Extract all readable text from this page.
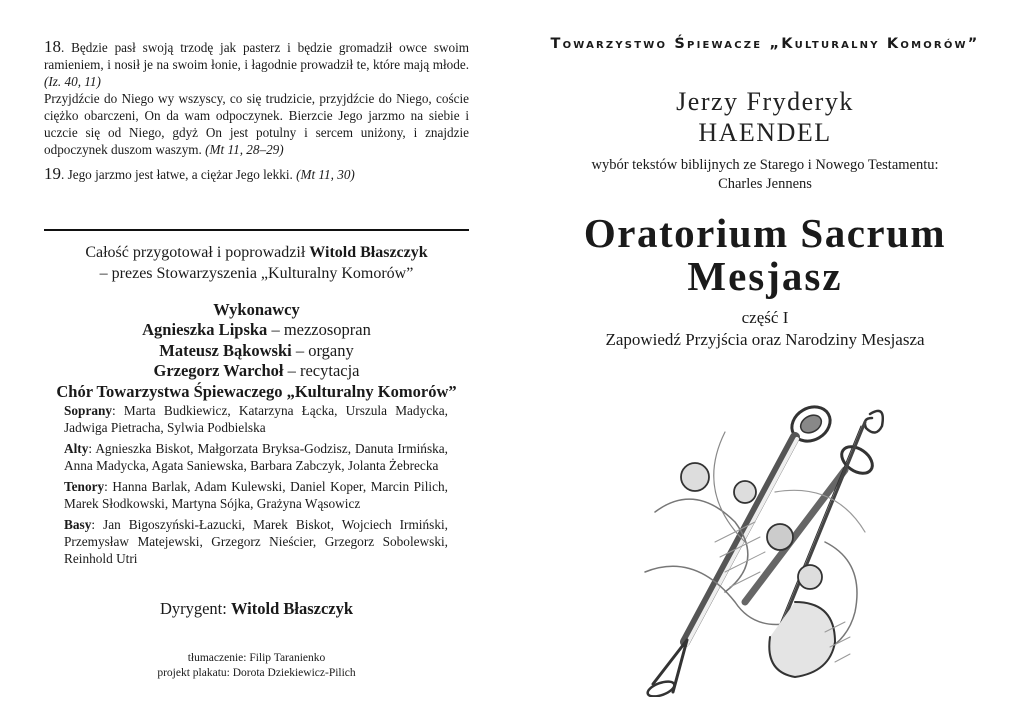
18. Będzie pasł swoją trzodę jak pasterz i będzie gromadził owce swoim ramieniem, i nosił je na swoim łonie, i łagodnie prowadził te, które mają młode. (Iz. 40, 11)
Przyjdźcie do Niego wy wszyscy, co się trudzicie, przyjdźcie do Niego, coście ciężko obarczeni, On da wam odpoczynek. Bierzcie Jego jarzmo na siebie i uczcie się od Niego, gdyż On jest potulny i sercem uniżony, i znajdzie odpoczynek duszom waszym. (Mt 11, 28–29)
19. Jego jarzmo jest łatwe, a ciężar Jego lekki. (Mt 11, 30)
Całość przygotował i poprowadził Witold Błaszczyk
– prezes Stowarzyszenia „Kulturalny Komorów”
Wykonawcy
Agnieszka Lipska – mezzosopran
Mateusz Bąkowski – organy
Grzegorz Warchoł – recytacja
Chór Towarzystwa Śpiewaczego „Kulturalny Komorów”

Soprany: Marta Budkiewicz, Katarzyna Łącka, Urszula Madycka, Jadwiga Pietracha, Sylwia Podbielska

Alty: Agnieszka Biskot, Małgorzata Bryksa-Godzisz, Danuta Irmińska, Anna Madycka, Agata Saniewska, Barbara Zabczyk, Jolanta Żebrecka

Tenory: Hanna Barlak, Adam Kulewski, Daniel Koper, Marcin Pilich, Marek Słodkowski, Martyna Sójka, Grażyna Wąsowicz

Basy: Jan Bigoszyński-Łazucki, Marek Biskot, Wojciech Irmiński, Przemysław Matejewski, Grzegorz Nieścier, Grzegorz Sobolewski, Reinhold Utri

Dyrygent: Witold Błaszczyk
tłumaczenie: Filip Taranienko
projekt plakatu: Dorota Dziekiewicz-Pilich
Towarzystwo Śpiewacze „Kulturalny Komorów”
Jerzy Fryderyk
HAENDEL
wybór tekstów biblijnych ze Starego i Nowego Testamentu:
Charles Jennens
Oratorium Sacrum
Mesjasz
część I
Zapowiedź Przyjścia oraz Narodziny Mesjasza
